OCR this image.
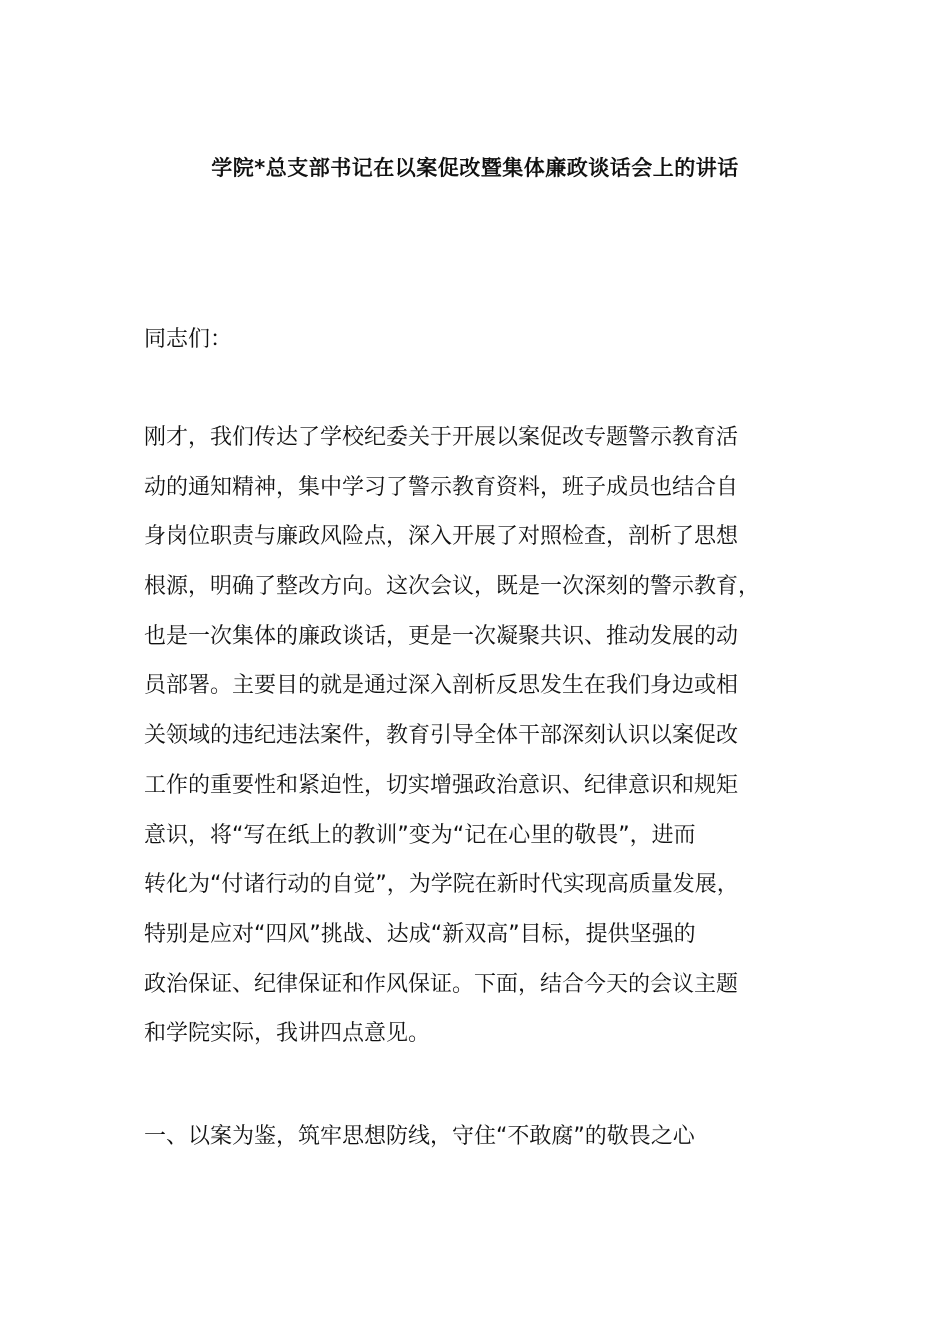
学院*总支部书记在以案促改暨集体廉政谈话会上的讲话
同志们：
刚才，我们传达了学校纪委关于开展以案促改专题警示教育活
动的通知精神，集中学习了警示教育资料，班子成员也结合自
身岗位职责与廉政风险点，深入开展了对照检查，剖析了思想
根源，明确了整改方向。这次会议，既是一次深刻的警示教育，
也是一次集体的廉政谈话，更是一次凝聚共识、推动发展的动
员部署。主要目的就是通过深入剖析反思发生在我们身边或相
关领域的违纪违法案件，教育引导全体干部深刻认识以案促改
工作的重要性和紧迫性，切实增强政治意识、纪律意识和规矩
意识，将“写在纸上的教训”变为“记在心里的敬畏”，进而
转化为“付诸行动的自觉”，为学院在新时代实现高质量发展，
特别是应对“四风”挑战、达成“新双高”目标，提供坚强的
政治保证、纪律保证和作风保证。下面，结合今天的会议主题
和学院实际，我讲四点意见。
一、以案为鉴，筑牢思想防线，守住“不敢腐”的敬畏之心
